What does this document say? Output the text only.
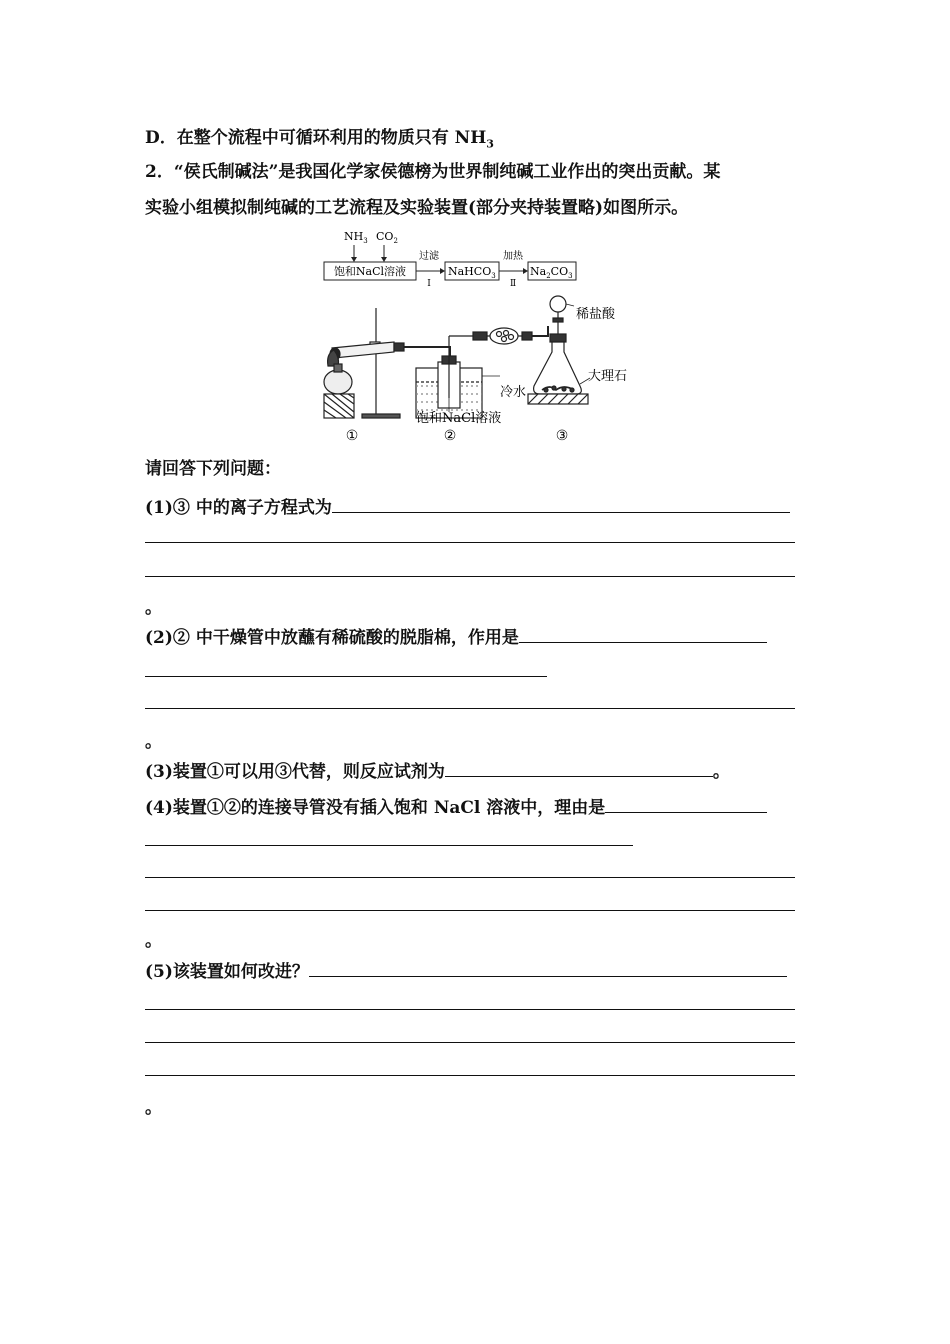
D．在整个流程中可循环利用的物质只有 $NH_3$
2．“侯氏制碱法”是我国化学家侯德榜为世界制纯碱工业作出的突出贡献。某
实验小组模拟制纯碱的工艺流程及实验装置(部分夹持装置略)如图所示。
$NH_3$ $CO_2$
饱和NaCl溶液
过滤
Ⅰ
NaHCO$_3$
加热
Ⅱ
$Na_2CO_3$
稀盐酸
大理石
冷水
饱和NaCl溶液
①	②	③
请回答下列问题：
(1)③ 中的离子方程式为
。
(2)② 中干燥管中放蘸有稀硫酸的脱脂棉，作用是
。
(3)装置①可以用③代替，则反应试剂为	。
(4)装置①②的连接导管没有插入饱和 NaCl 溶液中，理由是
。
(5)该装置如何改进？
。
